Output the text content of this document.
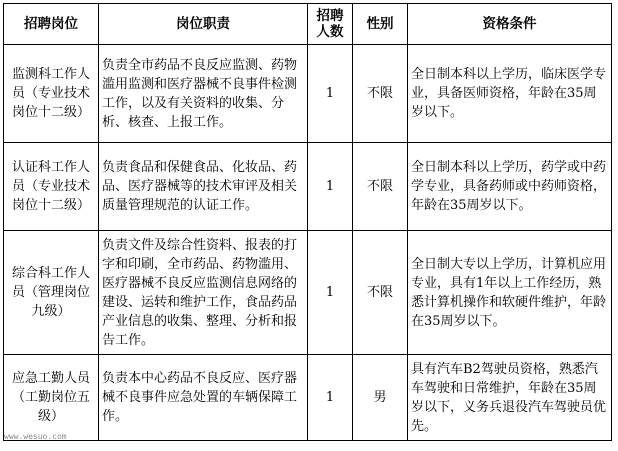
招聘岗位	岗位职责	招聘人数	性别	资格条件
监测科工作人员（专业技术岗位十二级）	负责全市药品不良反应监测、药物滥用监测和医疗器械不良事件检测工作，以及有关资料的收集、分析、核查、上报工作。	1	不限	全日制本科以上学历，临床医学专业，具备医师资格，年龄在35周岁以下。
认证科工作人员（专业技术岗位十二级）	负责食品和保健食品、化妆品、药品、医疗器械等的技术审评及相关质量管理规范的认证工作。	1	不限	全日制本科以上学历，药学或中药学专业，具备药师或中药师资格，年龄在35周岁以下。
综合科工作人员（管理岗位九级）	负责文件及综合性资料、报表的打字和印刷，全市药品、药物滥用、医疗器械不良反应监测信息网络的建设、运转和维护工作，食品药品产业信息的收集、整理、分析和报告工作。	1	不限	全日制大专以上学历，计算机应用专业，具有1年以上工作经历，熟悉计算机操作和软硬件维护，年龄在35周岁以下。
应急工勤人员（工勤岗位五级）	负责本中心药品不良反应、医疗器械不良事件应急处置的车辆保障工作。	1	男	具有汽车B2驾驶员资格，熟悉汽车驾驶和日常维护，年龄在35周岁以下，义务兵退役汽车驾驶员优先。
www.wesuo.com
